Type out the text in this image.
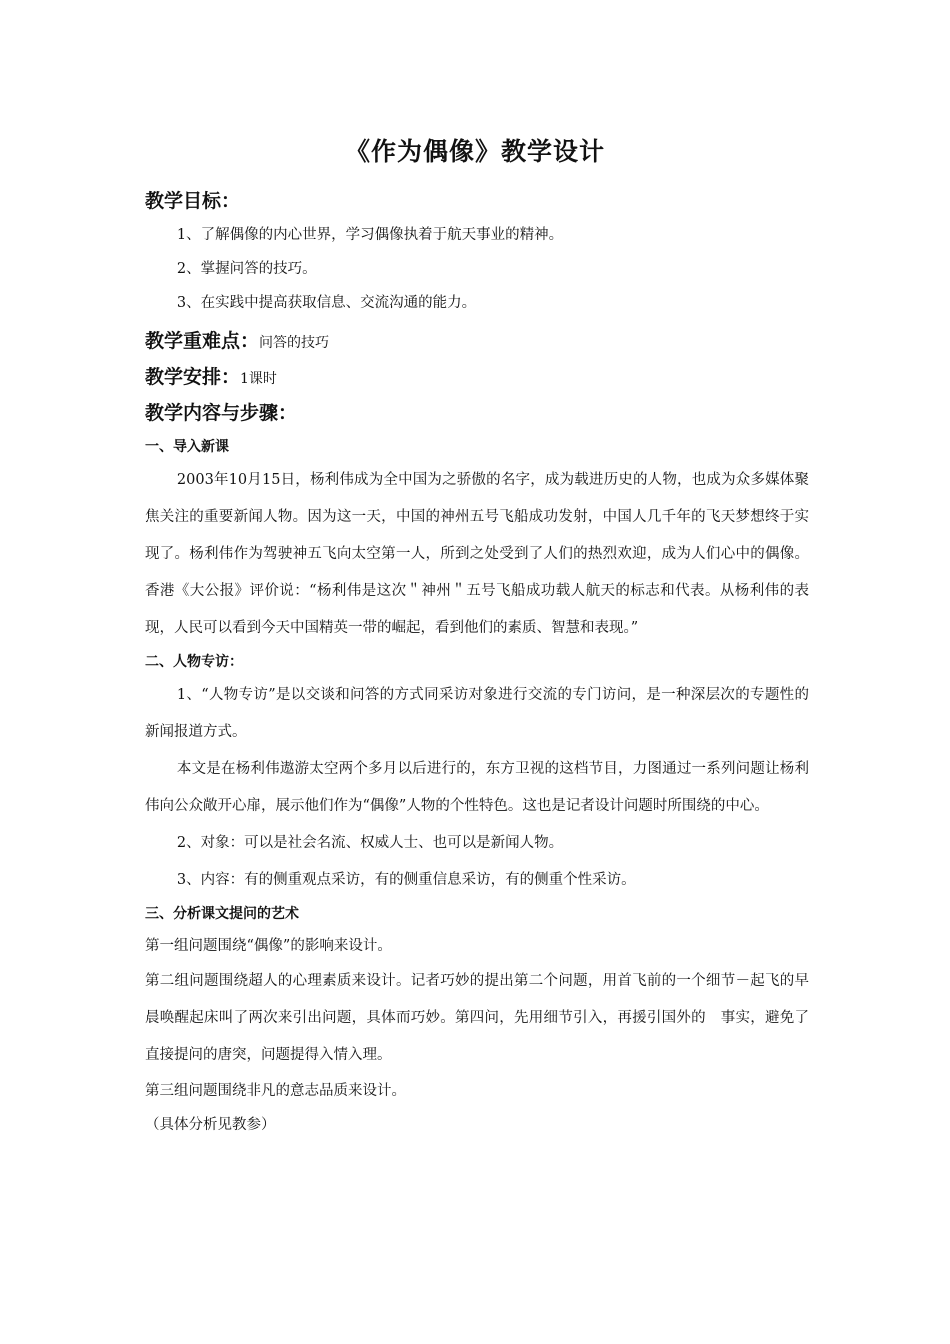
《作为偶像》教学设计

教学目标：

1、了解偶像的内心世界，学习偶像执着于航天事业的精神。

2、掌握问答的技巧。

3、在实践中提高获取信息、交流沟通的能力。

教学重难点：问答的技巧

教学安排：1课时

教学内容与步骤：

一、导入新课

2003年10月15日，杨利伟成为全中国为之骄傲的名字，成为载进历史的人物，也成为众多媒体聚焦关注的重要新闻人物。因为这一天，中国的神州五号飞船成功发射，中国人几千年的飞天梦想终于实现了。杨利伟作为驾驶神五飞向太空第一人，所到之处受到了人们的热烈欢迎，成为人们心中的偶像。香港《大公报》评价说：“杨利伟是这次＂神州＂五号飞船成功载人航天的标志和代表。从杨利伟的表现，人民可以看到今天中国精英一带的崛起，看到他们的素质、智慧和表现。”

二、人物专访：

1、“人物专访”是以交谈和问答的方式同采访对象进行交流的专门访问，是一种深层次的专题性的新闻报道方式。

本文是在杨利伟遨游太空两个多月以后进行的，东方卫视的这档节目，力图通过一系列问题让杨利伟向公众敞开心扉，展示他们作为“偶像”人物的个性特色。这也是记者设计问题时所围绕的中心。

2、对象：可以是社会名流、权威人士、也可以是新闻人物。

3、内容：有的侧重观点采访，有的侧重信息采访，有的侧重个性采访。

三、分析课文提问的艺术

第一组问题围绕“偶像”的影响来设计。

第二组问题围绕超人的心理素质来设计。记者巧妙的提出第二个问题，用首飞前的一个细节－起飞的早晨唤醒起床叫了两次来引出问题，具体而巧妙。第四问，先用细节引入，再援引国外的　事实，避免了直接提问的唐突，问题提得入情入理。

第三组问题围绕非凡的意志品质来设计。

（具体分析见教参）
